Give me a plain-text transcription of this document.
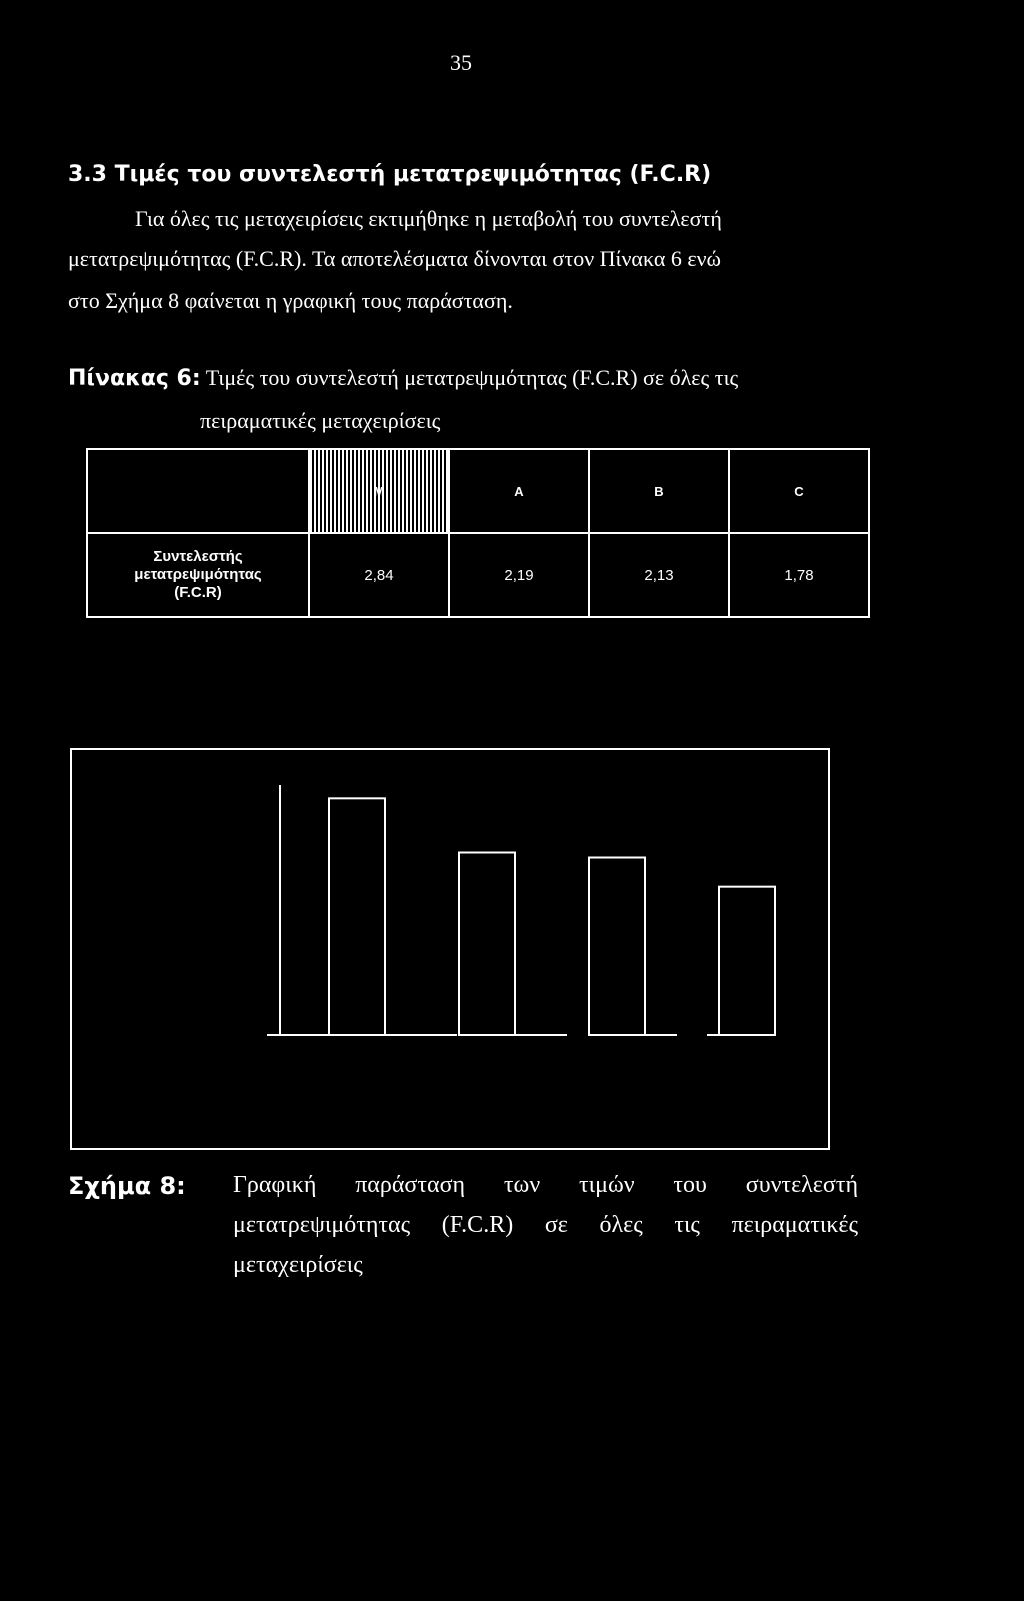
35
3.3 Τιμές του συντελεστή μετατρεψιμότητας (F.C.R)
Για όλες τις μεταχειρίσεις εκτιμήθηκε η μεταβολή του συντελεστή
μετατρεψιμότητας (F.C.R). Τα αποτελέσματα δίνονται στον Πίνακα 6 ενώ
στο Σχήμα 8 φαίνεται η γραφική τους παράσταση.
Πίνακας 6: Τιμές του συντελεστή μετατρεψιμότητας (F.C.R) σε όλες τις
πειραματικές μεταχειρίσεις
	M	A	B	C

Συντελεστής
μετατρεψιμότητας
(F.C.R)	2,84	2,19	2,13	1,78
Σχήμα 8: Γραφική παράσταση των τιμών του συντελεστή
μετατρεψιμότητας (F.C.R) σε όλες τις πειραματικές
μεταχειρίσεις
